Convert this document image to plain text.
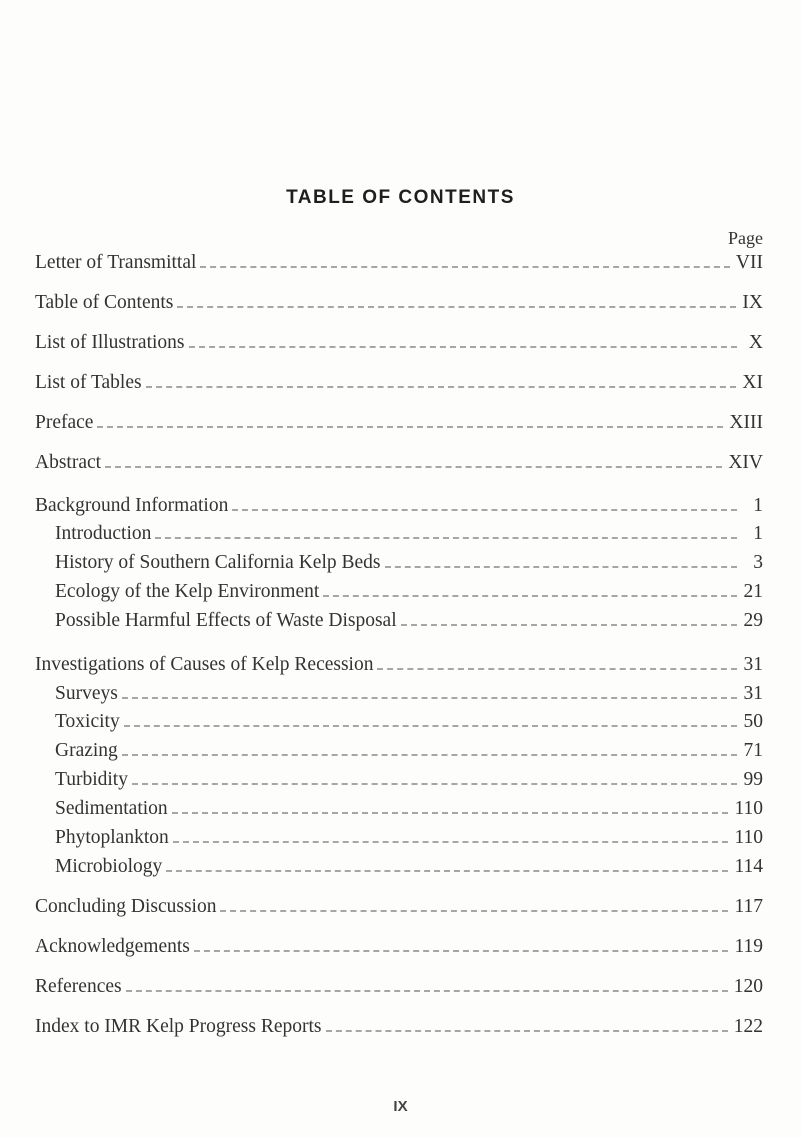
TABLE OF CONTENTS
Page
Letter of Transmittal	VII
Table of Contents	IX
List of Illustrations	X
List of Tables	XI
Preface	XIII
Abstract	XIV
Background Information	1
Introduction	1
History of Southern California Kelp Beds	3
Ecology of the Kelp Environment	21
Possible Harmful Effects of Waste Disposal	29
Investigations of Causes of Kelp Recession	31
Surveys	31
Toxicity	50
Grazing	71
Turbidity	99
Sedimentation	110
Phytoplankton	110
Microbiology	114
Concluding Discussion	117
Acknowledgements	119
References	120
Index to IMR Kelp Progress Reports	122
IX
